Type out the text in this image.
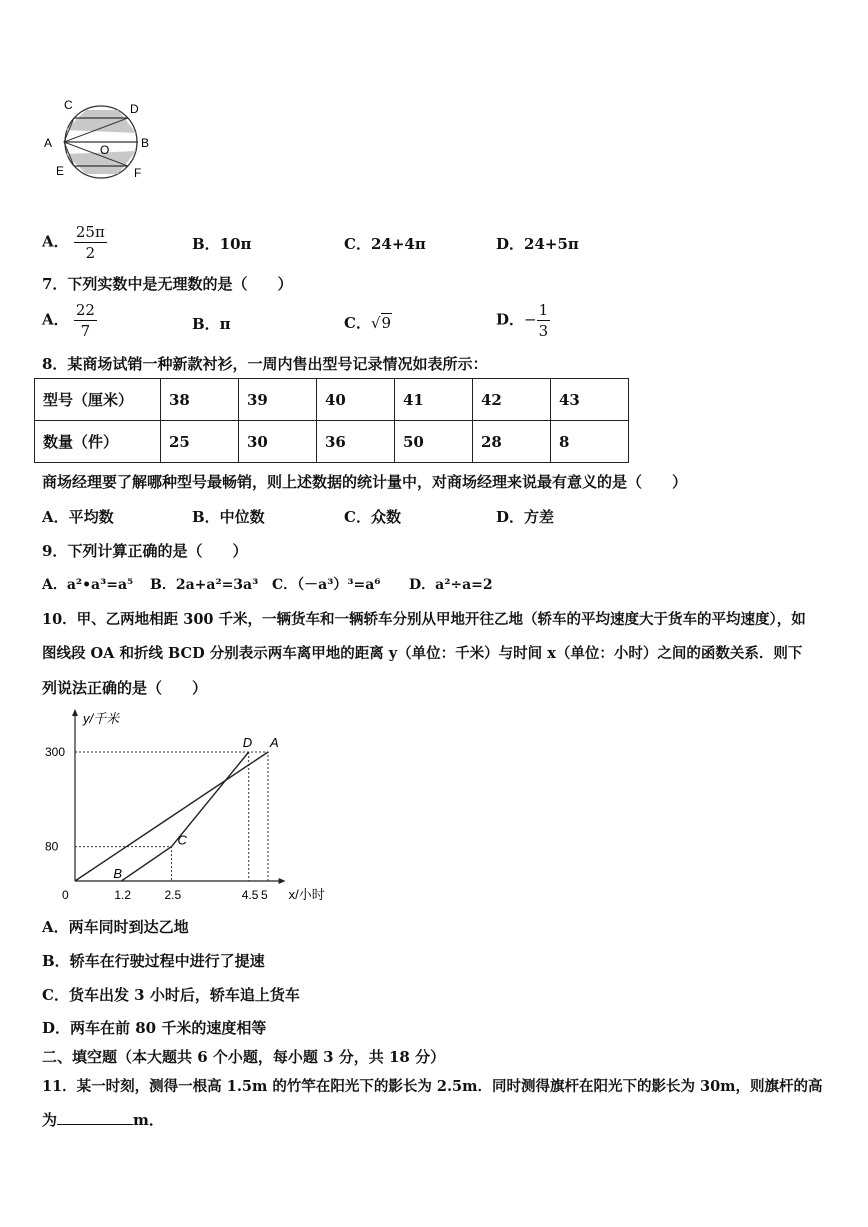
C	D
A	O	B
E	F
A． $\frac{25\pi}{2}$	B．10π	C．24+4π	D．24+5π
7．下列实数中是无理数的是（　　）
A． $\frac{22}{7}$	B．π	C．√9	D．− $\frac{1}{3}$
8．某商场试销一种新款衬衫，一周内售出型号记录情况如表所示：
型号（厘米）	38	39	40	41	42	43
数量（件）	25	30	36	50	28	8
商场经理要了解哪种型号最畅销，则上述数据的统计量中，对商场经理来说最有意义的是（　　）
A．平均数	B．中位数	C．众数	D．方差
9．下列计算正确的是（　　）
A．a²•a³=a⁵ B．2a+a²=3a³ C．（－a³）³=a⁶ D．a²÷a=2
10．甲、乙两地相距 300 千米，一辆货车和一辆轿车分别从甲地开往乙地（轿车的平均速度大于货车的平均速度），如
图线段 OA 和折线 BCD 分别表示两车离甲地的距离 y（单位：千米）与时间 x（单位：小时）之间的函数关系．则下
列说法正确的是（　　）
y/千米
x/小时
0	1.2	2.5	4.5 5
80
300
B
C
D A
A．两车同时到达乙地
B．轿车在行驶过程中进行了提速
C．货车出发 3 小时后，轿车追上货车
D．两车在前 80 千米的速度相等
二、填空题（本大题共 6 个小题，每小题 3 分，共 18 分）
11．某一时刻，测得一根高 1.5m 的竹竿在阳光下的影长为 2.5m．同时测得旗杆在阳光下的影长为 30m，则旗杆的高
为	m．
